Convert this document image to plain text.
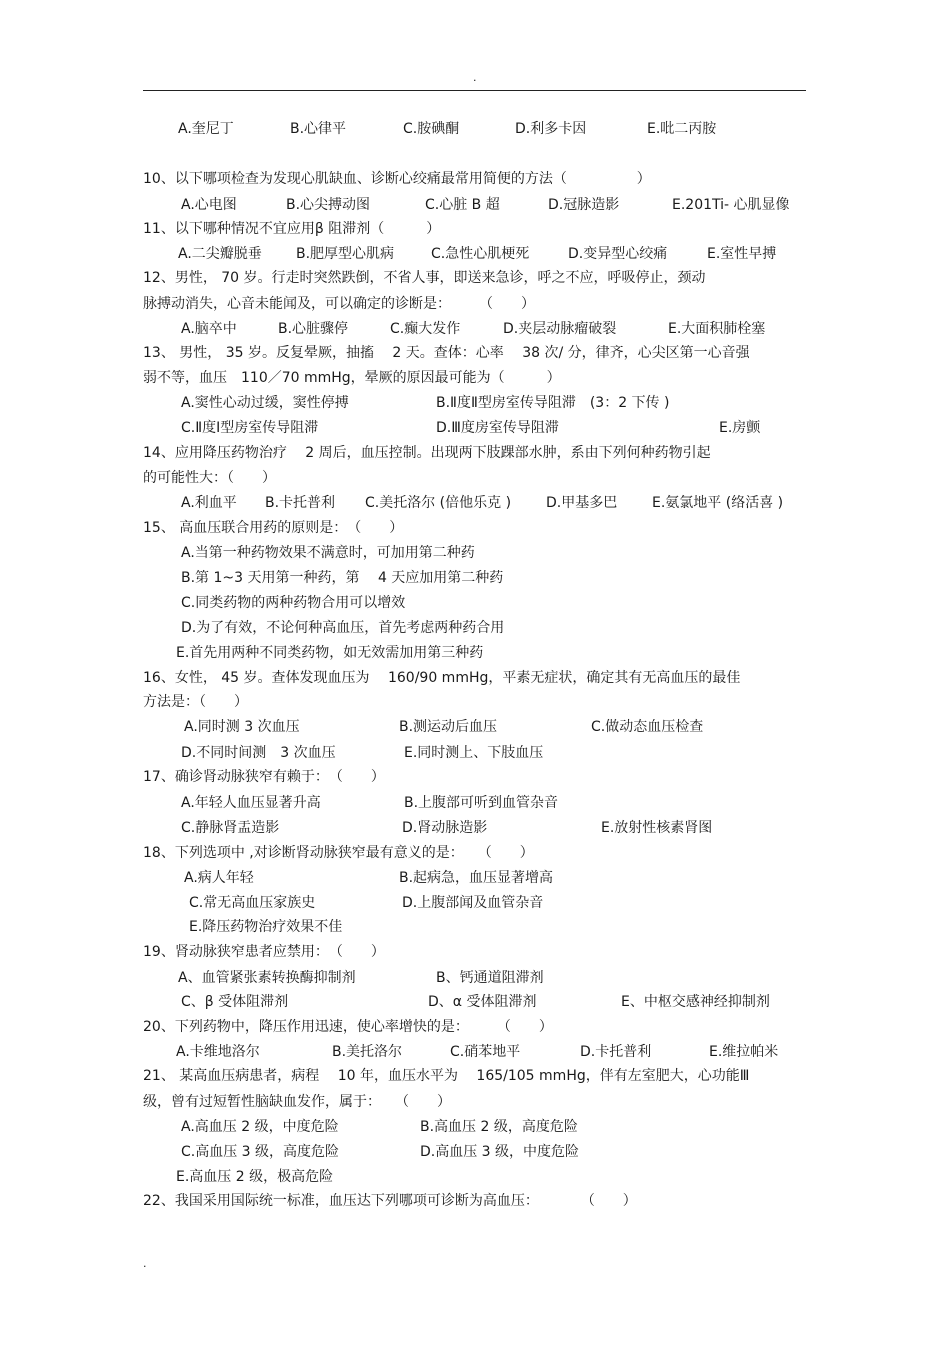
.
A.奎尼丁	B.心律平	C.胺碘酮	D.利多卡因	E.吡二丙胺
10、以下哪项检查为发现心肌缺血、诊断心绞痛最常用简便的方法（　　　　　）
A.心电图	B.心尖搏动图	C.心脏 B 超	D.冠脉造影	E.201Ti- 心肌显像
11、以下哪种情况不宜应用β 阻滞剂（　　　）
A.二尖瓣脱垂 B.肥厚型心肌病	C.急性心肌梗死	D.变异型心绞痛	E.室性早搏
12、男性， 70 岁。行走时突然跌倒，不省人事，即送来急诊，呼之不应，呼吸停止，颈动
脉搏动消失，心音未能闻及，可以确定的诊断是：　　　（　　）
A.脑卒中	B.心脏骤停	C.癫大发作	D.夹层动脉瘤破裂	E.大面积肺栓塞
13、 男性， 35 岁。反复晕厥，抽搐　 2 天。查体：心率　 38 次/ 分，律齐，心尖区第一心音强
弱不等，血压　110／70 mmHg，晕厥的原因最可能为（　　　）
A.窦性心动过缓，窦性停搏	B.Ⅱ度Ⅱ型房室传导阻滞　(3：2 下传 )
C.Ⅱ度Ⅰ型房室传导阻滞	D.Ⅲ度房室传导阻滞	E.房颤
14、应用降压药物治疗　 2 周后，血压控制。出现两下肢踝部水肿，系由下列何种药物引起
的可能性大：（　　）
A.利血平 B.卡托普利 C.美托洛尔 (倍他乐克 ) D.甲基多巴 E.氨氯地平 (络活喜 )
15、 高血压联合用药的原则是：　（　　）
A.当第一种药物效果不满意时，可加用第二种药
B.第 1~3 天用第一种药，第　 4 天应加用第二种药
C.同类药物的两种药物合用可以增效
D.为了有效，不论何种高血压，首先考虑两种药合用
E.首先用两种不同类药物，如无效需加用第三种药
16、女性， 45 岁。查体发现血压为　 160/90 mmHg，平素无症状，确定其有无高血压的最佳
方法是：（　　）
A.同时测 3 次血压	B.测运动后血压	C.做动态血压检查
D.不同时间测　3 次血压	E.同时测上、下肢血压
17、确诊肾动脉狭窄有赖于：　（　　）
A.年轻人血压显著升高	B.上腹部可听到血管杂音
C.静脉肾盂造影	D.肾动脉造影	E.放射性核素肾图
18、下列选项中 ,对诊断肾动脉狭窄最有意义的是：　　（　　）
A.病人年轻	B.起病急，血压显著增高
C.常无高血压家族史	D.上腹部闻及血管杂音
E.降压药物治疗效果不佳
19、肾动脉狭窄患者应禁用：　（　　）
A、血管紧张素转换酶抑制剂	B、钙通道阻滞剂
C、β 受体阻滞剂	D、α 受体阻滞剂	E、中枢交感神经抑制剂
20、下列药物中，降压作用迅速，使心率增快的是：　　　（　　）
A.卡维地洛尔	B.美托洛尔	C.硝苯地平	D.卡托普利	E.维拉帕米
21、 某高血压病患者，病程　 10 年，血压水平为　 165/105 mmHg，伴有左室肥大，心功能Ⅲ
级，曾有过短暂性脑缺血发作，属于：　　（　　）
A.高血压 2 级，中度危险	B.高血压 2 级，高度危险
C.高血压 3 级，高度危险	D.高血压 3 级，中度危险
E.高血压 2 级，极高危险
22、我国采用国际统一标准，血压达下列哪项可诊断为高血压：　　　　（　　）
.
